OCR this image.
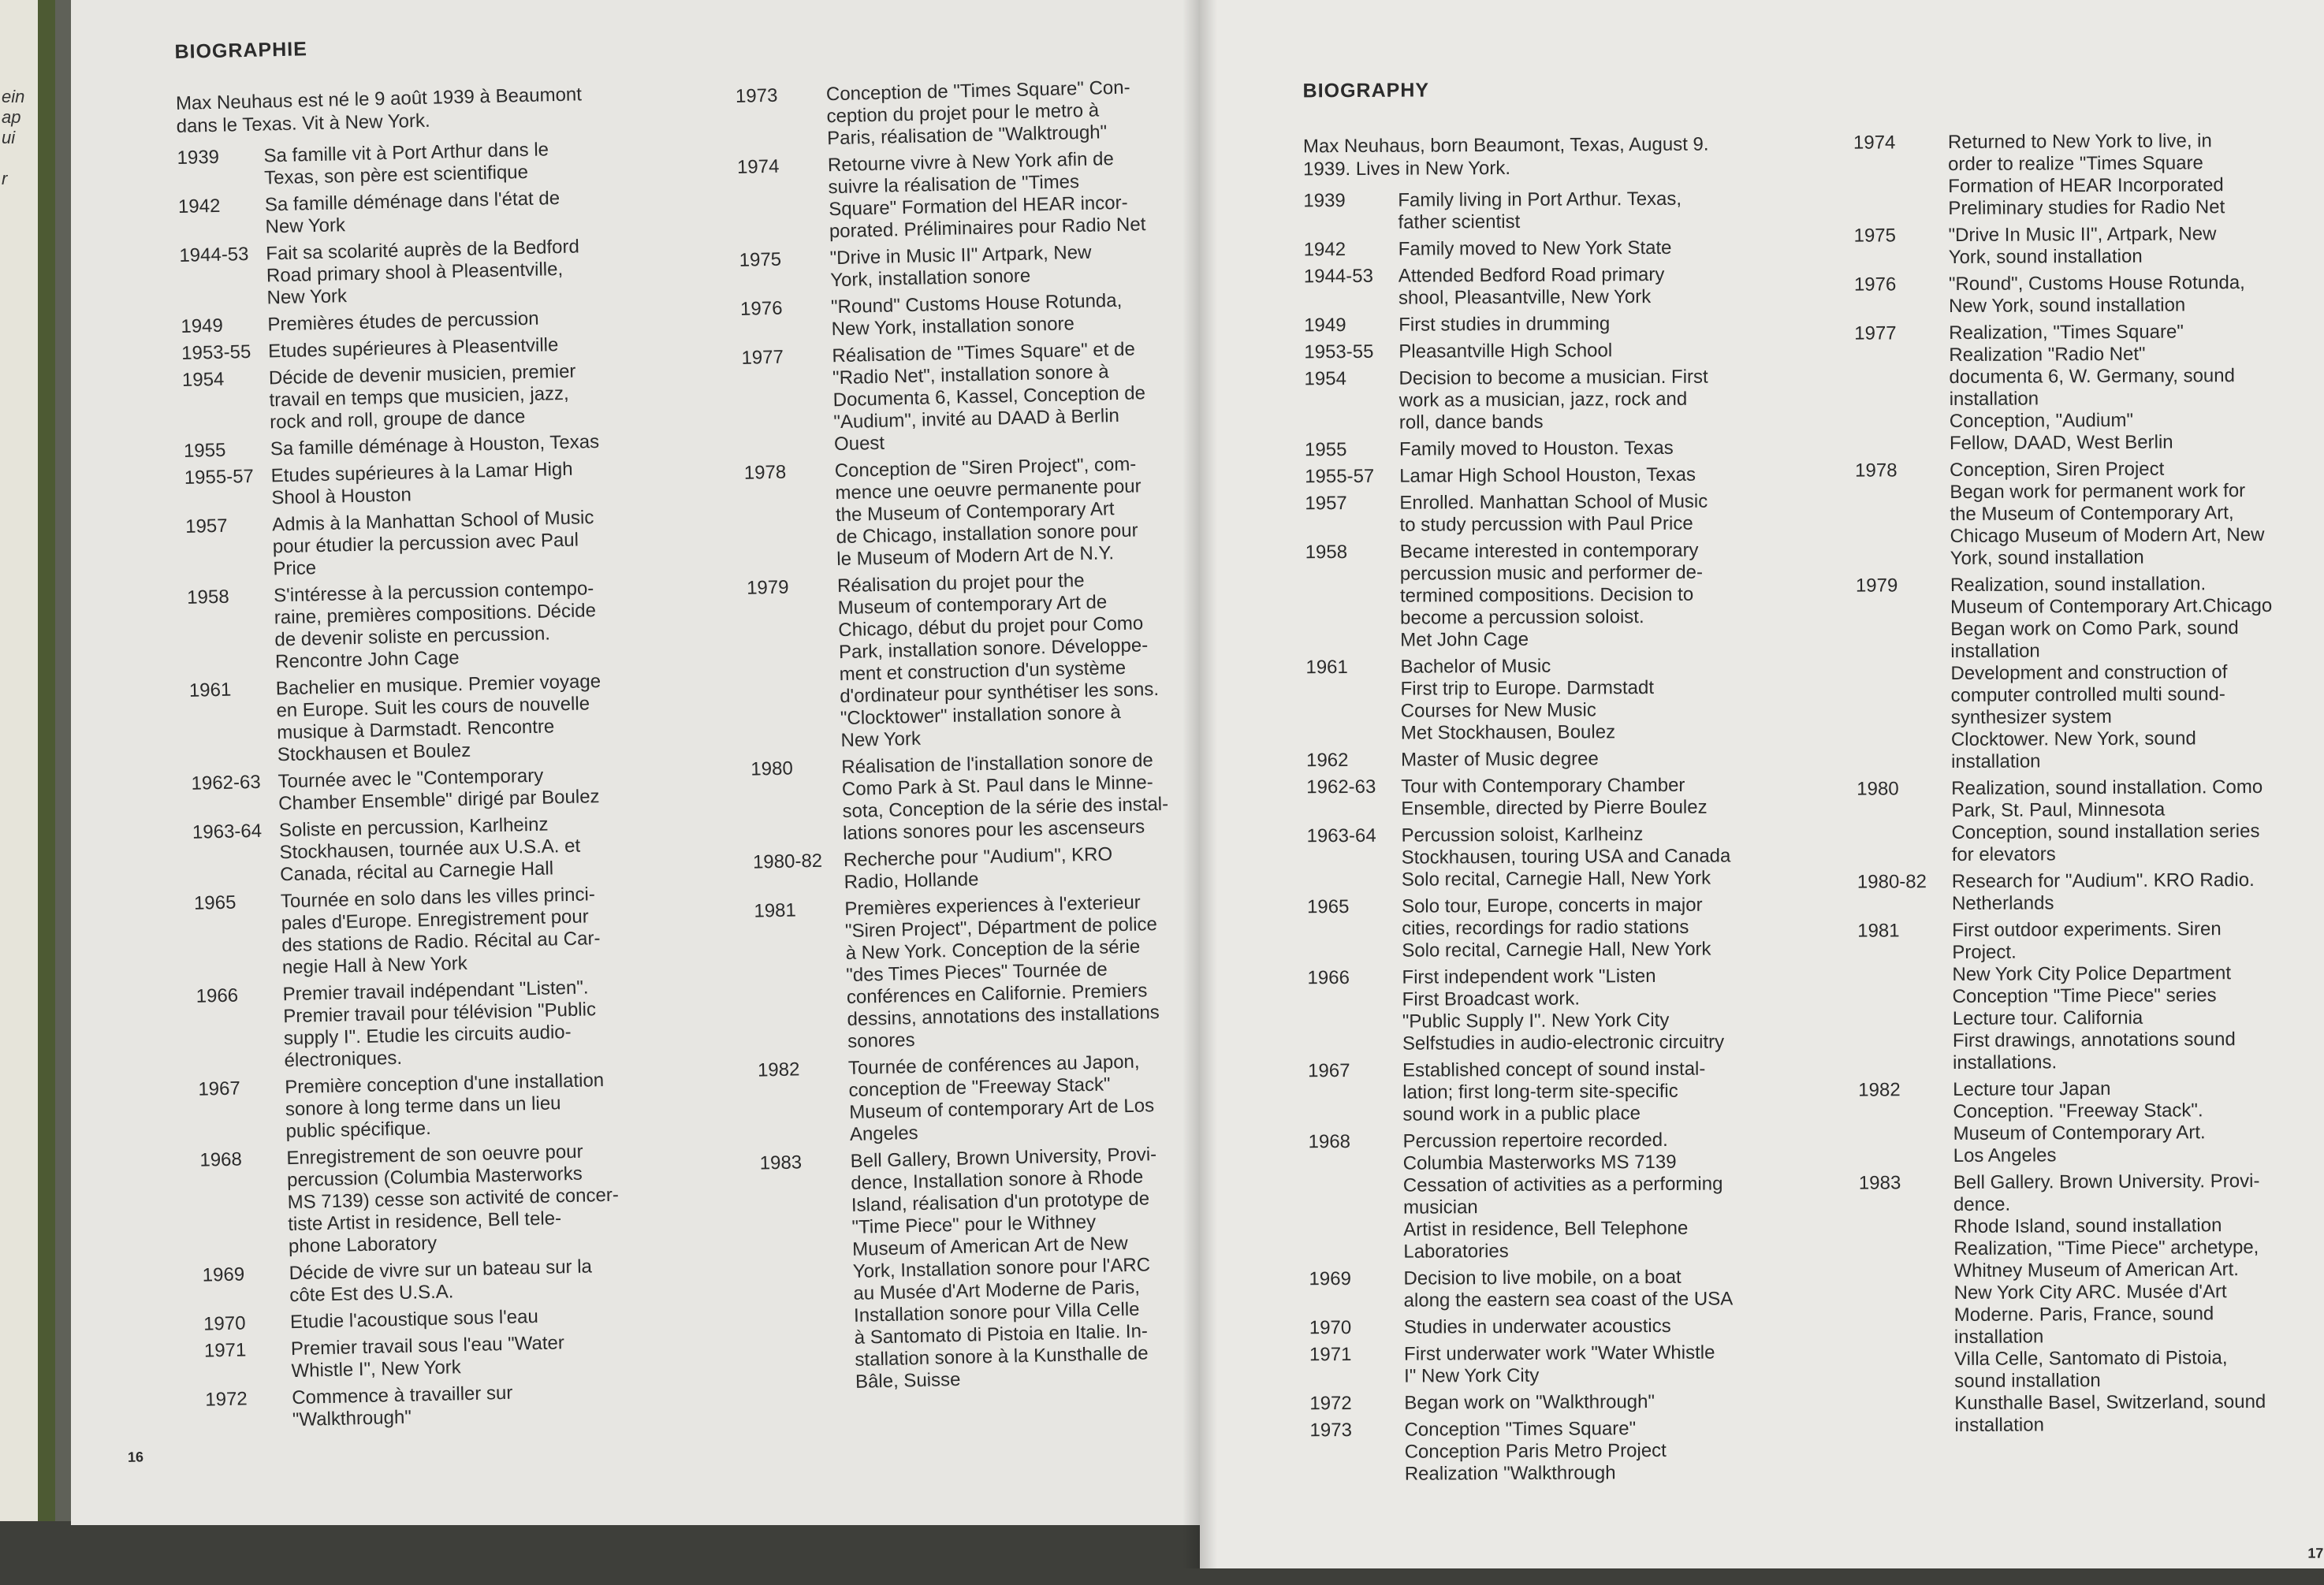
ein
ap
ui
r
BIOGRAPHIE
Max Neuhaus est né le 9 août 1939 à Beaumont
dans le Texas. Vit à New York.
1939	Sa famille vit à Port Arthur dans le
Texas, son père est scientifique
1942	Sa famille déménage dans l'état de
New York
1944-53 Fait sa scolarité auprès de la Bedford
Road primary shool à Pleasentville,
New York
1949	Premières études de percussion
1953-55 Etudes supérieures à Pleasentville
1954	Décide de devenir musicien, premier
travail en temps que musicien, jazz,
rock and roll, groupe de dance
1955	Sa famille déménage à Houston, Texas
1955-57 Etudes supérieures à la Lamar High
Shool à Houston
1957	Admis à la Manhattan School of Music
pour étudier la percussion avec Paul
Price
1958	S'intéresse à la percussion contempo-
raine, premières compositions. Décide
de devenir soliste en percussion.
Rencontre John Cage
1961	Bachelier en musique. Premier voyage
en Europe. Suit les cours de nouvelle
musique à Darmstadt. Rencontre
Stockhausen et Boulez
1962-63 Tournée avec le "Contemporary
Chamber Ensemble" dirigé par Boulez
1963-64 Soliste en percussion, Karlheinz
Stockhausen, tournée aux U.S.A. et
Canada, récital au Carnegie Hall
1965	Tournée en solo dans les villes princi-
pales d'Europe. Enregistrement pour
des stations de Radio. Récital au Car-
negie Hall à New York
1966	Premier travail indépendant "Listen".
Premier travail pour télévision "Public
supply I". Etudie les circuits audio-
électroniques.
1967	Première conception d'une installation
sonore à long terme dans un lieu
public spécifique.
1968	Enregistrement de son oeuvre pour
percussion (Columbia Masterworks
MS 7139) cesse son activité de concer-
tiste Artist in residence, Bell tele-
phone Laboratory
1969	Décide de vivre sur un bateau sur la
côte Est des U.S.A.
1970	Etudie l'acoustique sous l'eau
1971	Premier travail sous l'eau "Water
Whistle I", New York
1972	Commence à travailler sur
"Walkthrough"
1973	Conception de "Times Square" Con-
ception du projet pour le metro à
Paris, réalisation de "Walktrough"
1974	Retourne vivre à New York afin de
suivre la réalisation de "Times
Square" Formation del HEAR incor-
porated. Préliminaires pour Radio Net
1975	"Drive in Music II" Artpark, New
York, installation sonore
1976	"Round" Customs House Rotunda,
New York, installation sonore
1977	Réalisation de "Times Square" et de
"Radio Net", installation sonore à
Documenta 6, Kassel, Conception de
"Audium", invité au DAAD à Berlin
Ouest
1978	Conception de "Siren Project", com-
mence une oeuvre permanente pour
the Museum of Contemporary Art
de Chicago, installation sonore pour
le Museum of Modern Art de N.Y.
1979	Réalisation du projet pour the
Museum of contemporary Art de
Chicago, début du projet pour Como
Park, installation sonore. Développe-
ment et construction d'un système
d'ordinateur pour synthétiser les sons.
"Clocktower" installation sonore à
New York
1980	Réalisation de l'installation sonore de
Como Park à St. Paul dans le Minne-
sota, Conception de la série des instal-
lations sonores pour les ascenseurs
1980-82	Recherche pour "Audium", KRO
Radio, Hollande
1981	Premières experiences à l'exterieur
"Siren Project", Départment de police
à New York. Conception de la série
"des Times Pieces" Tournée de
conférences en Californie. Premiers
dessins, annotations des installations
sonores
1982	Tournée de conférences au Japon,
conception de "Freeway Stack"
Museum of contemporary Art de Los
Angeles
1983	Bell Gallery, Brown University, Provi-
dence, Installation sonore à Rhode
Island, réalisation d'un prototype de
"Time Piece" pour le Withney
Museum of American Art de New
York, Installation sonore pour l'ARC
au Musée d'Art Moderne de Paris,
Installation sonore pour Villa Celle
à Santomato di Pistoia en Italie. In-
stallation sonore à la Kunsthalle de
Bâle, Suisse
16
BIOGRAPHY
Max Neuhaus, born Beaumont, Texas, August 9.
1939. Lives in New York.
1939	Family living in Port Arthur. Texas,
father scientist
1942	Family moved to New York State
1944-53	Attended Bedford Road primary
shool, Pleasantville, New York
1949	First studies in drumming
1953-55	Pleasantville High School
1954	Decision to become a musician. First
work as a musician, jazz, rock and
roll, dance bands
1955	Family moved to Houston. Texas
1955-57	Lamar High School Houston, Texas
1957	Enrolled. Manhattan School of Music
to study percussion with Paul Price
1958	Became interested in contemporary
percussion music and performer de-
termined compositions. Decision to
become a percussion soloist.
Met John Cage
1961	Bachelor of Music
First trip to Europe. Darmstadt
Courses for New Music
Met Stockhausen, Boulez
1962	Master of Music degree
1962-63	Tour with Contemporary Chamber
Ensemble, directed by Pierre Boulez
1963-64	Percussion soloist, Karlheinz
Stockhausen, touring USA and Canada
Solo recital, Carnegie Hall, New York
1965	Solo tour, Europe, concerts in major
cities, recordings for radio stations
Solo recital, Carnegie Hall, New York
1966	First independent work "Listen
First Broadcast work.
"Public Supply I". New York City
Selfstudies in audio-electronic circuitry
1967	Established concept of sound instal-
lation; first long-term site-specific
sound work in a public place
1968	Percussion repertoire recorded.
Columbia Masterworks MS 7139
Cessation of activities as a performing
musician
Artist in residence, Bell Telephone
Laboratories
1969	Decision to live mobile, on a boat
along the eastern sea coast of the USA
1970	Studies in underwater acoustics
1971	First underwater work "Water Whistle
I" New York City
1972	Began work on "Walkthrough"
1973	Conception "Times Square"
Conception Paris Metro Project
Realization "Walkthrough
1974	Returned to New York to live, in
order to realize "Times Square
Formation of HEAR Incorporated
Preliminary studies for Radio Net
1975	"Drive In Music II", Artpark, New
York, sound installation
1976	"Round", Customs House Rotunda,
New York, sound installation
1977	Realization, "Times Square"
Realization "Radio Net"
documenta 6, W. Germany, sound
installation
Conception, "Audium"
Fellow, DAAD, West Berlin
1978	Conception, Siren Project
Began work for permanent work for
the Museum of Contemporary Art,
Chicago Museum of Modern Art, New
York, sound installation
1979	Realization, sound installation.
Museum of Contemporary Art.Chicago
Began work on Como Park, sound
installation
Development and construction of
computer controlled multi sound-
synthesizer system
Clocktower. New York, sound
installation
1980	Realization, sound installation. Como
Park, St. Paul, Minnesota
Conception, sound installation series
for elevators
1980-82	Research for "Audium". KRO Radio.
Netherlands
1981	First outdoor experiments. Siren
Project.
New York City Police Department
Conception "Time Piece" series
Lecture tour. California
First drawings, annotations sound
installations.
1982	Lecture tour Japan
Conception. "Freeway Stack".
Museum of Contemporary Art.
Los Angeles
1983	Bell Gallery. Brown University. Provi-
dence.
Rhode Island, sound installation
Realization, "Time Piece" archetype,
Whitney Museum of American Art.
New York City ARC. Musée d'Art
Moderne. Paris, France, sound
installation
Villa Celle, Santomato di Pistoia,
sound installation
Kunsthalle Basel, Switzerland, sound
installation
17
